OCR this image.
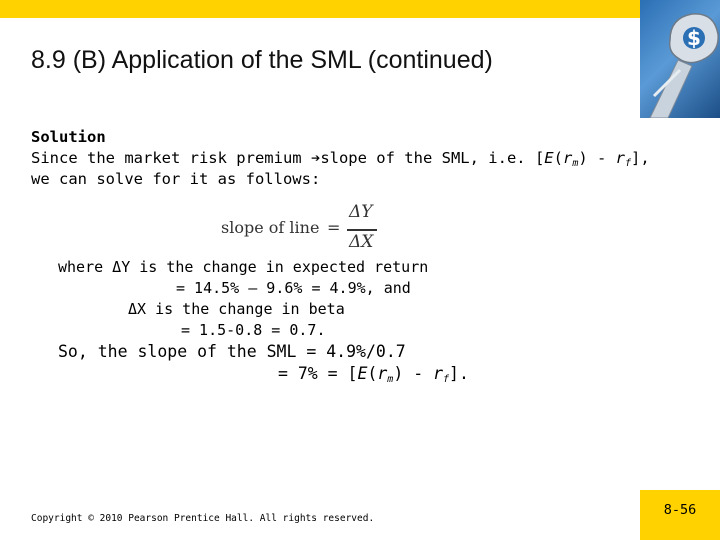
$
8.9 (B) Application of the SML (continued)
Solution
Since the market risk premium ➔slope of the SML, i.e. $[E(r_m) - r_f]$,
we can solve for it as follows:
slope of line =
ΔY
ΔX
where ΔY is the change in expected return
= 14.5% – 9.6% = 4.9%, and
ΔX is the change in beta
= 1.5-0.8 = 0.7.
So, the slope of the SML = 4.9%/0.7
= $7\% = [E(r_m) - r_f]$.
Copyright © 2010 Pearson Prentice Hall. All rights reserved.
8-56
